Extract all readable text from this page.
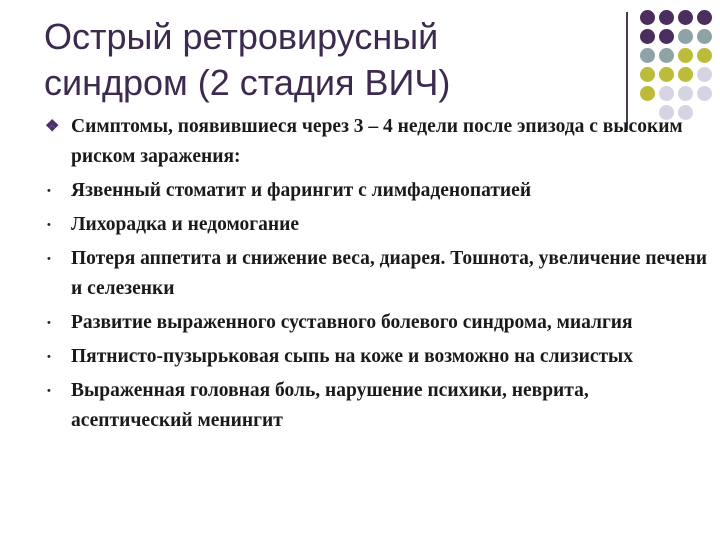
Острый ретровирусный
синдром (2 стадия ВИЧ)
❖ Симптомы, появившиеся через 3 – 4 недели после эпизода с высоким риском заражения:
•	Язвенный стоматит и фарингит с лимфаденопатией
•	Лихорадка и недомогание
•	Потеря аппетита и снижение веса, диарея. Тошнота, увеличение печени и селезенки
•	Развитие выраженного суставного болевого синдрома, миалгия
•	Пятнисто-пузырьковая сыпь на коже и возможно на слизистых
•	Выраженная головная боль, нарушение психики, неврита, асептический менингит
